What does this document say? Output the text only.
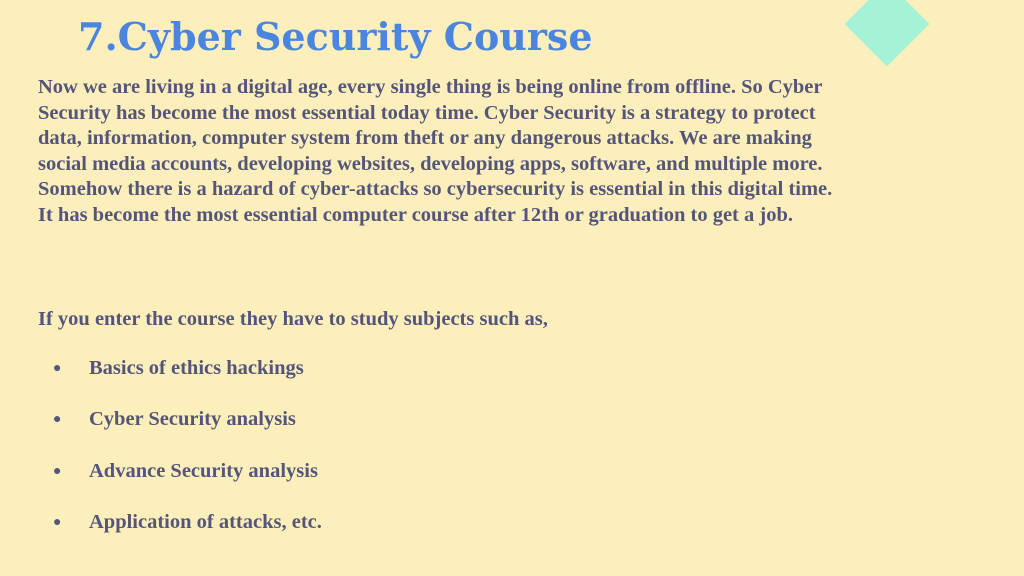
7.Cyber Security Course

Now we are living in a digital age, every single thing is being online from offline. So Cyber Security has become the most essential today time. Cyber Security is a strategy to protect data, information, computer system from theft or any dangerous attacks. We are making social media accounts, developing websites, developing apps, software, and multiple more. Somehow there is a hazard of cyber-attacks so cybersecurity is essential in this digital time. It has become the most essential computer course after 12th or graduation to get a job.

If you enter the course they have to study subjects such as,

● Basics of ethics hackings
● Cyber Security analysis
● Advance Security analysis
● Application of attacks, etc.
